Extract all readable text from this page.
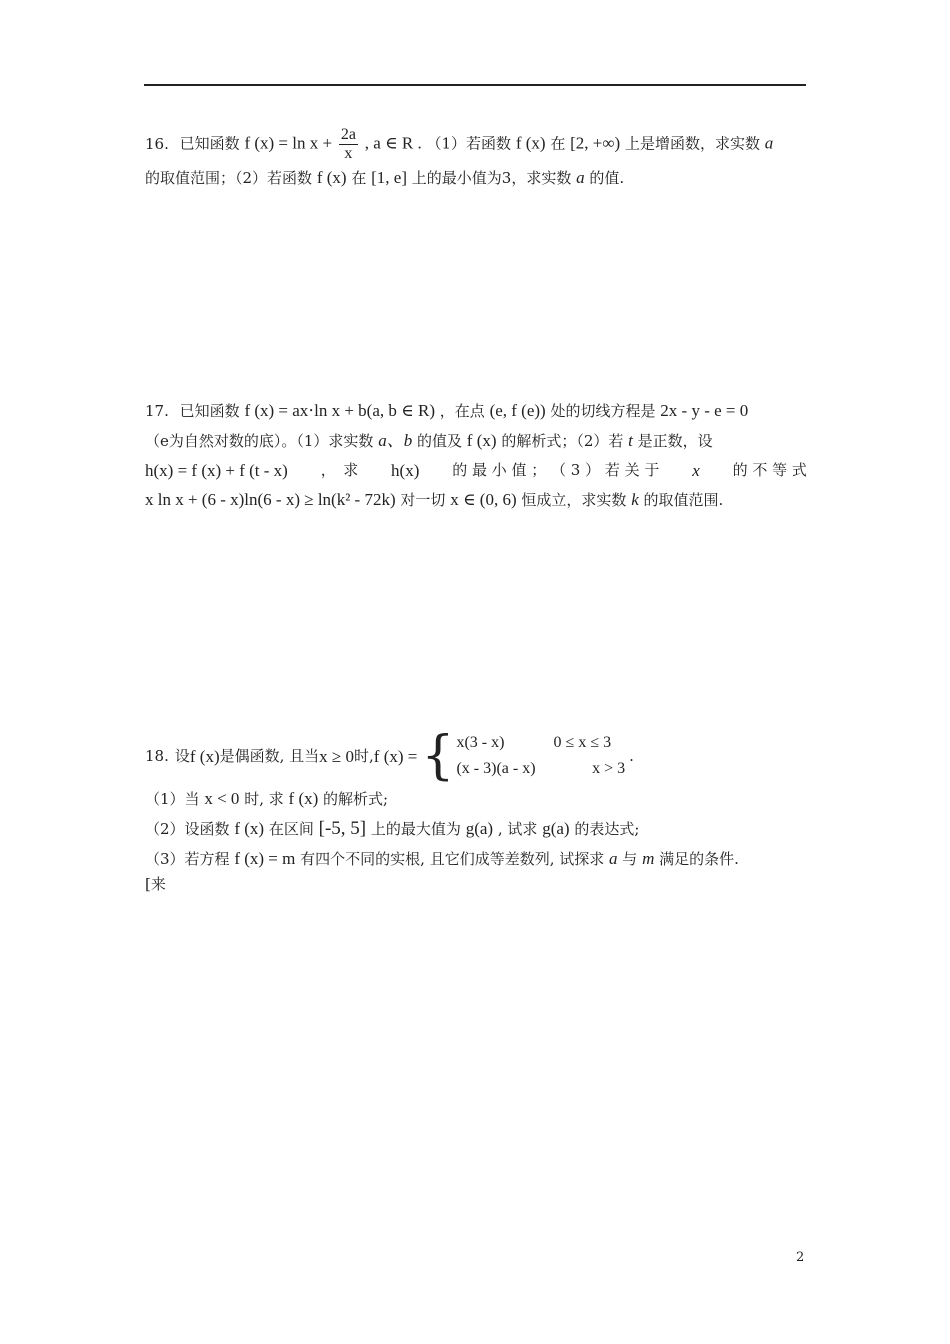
16. 已知函数 f $(x) = \ln x + \frac{2a}{x}$ , a ∈ R . （1）若函数 f (x) 在 [2, +∞) 上是增函数，求实数 a
的取值范围；（2）若函数 f (x) 在 [1, e] 上的最小值为3，求实数 a 的值.
17. 已知函数 f (x) = ax⋅ln x + b(a, b ∈ R) ，在点 (e, f (e)) 处的切线方程是 2x - y - e = 0
（e为自然对数的底）。（1）求实数 a、b 的值及 f (x) 的解析式；（2）若 t 是正数，设
h(x) = f (x) + f (t - x) ，　求 h(x) 的 最 小 值 ； （ 3 ） 若 关 于 x 的 不 等 式
x ln x + (6 - x)ln(6 - x) ≥ ln(k² - 72k) 对一切 x ∈ (0, 6) 恒成立，求实数 k 的取值范围.
18. 设 f (x) 是偶函数, 且当 x ≥ 0 时, f (x) = { x(3 - x)	0 ≤ x ≤ 3
(x - 3)(a - x)	x > 3
.
（1）当 x < 0 时, 求 f (x) 的解析式;
（2）设函数 f (x) 在区间 [-5, 5] 上的最大值为 g(a) , 试求 g(a) 的表达式;
（3）若方程 f (x) = m 有四个不同的实根, 且它们成等差数列, 试探求 a 与 m 满足的条件.
[来
2
